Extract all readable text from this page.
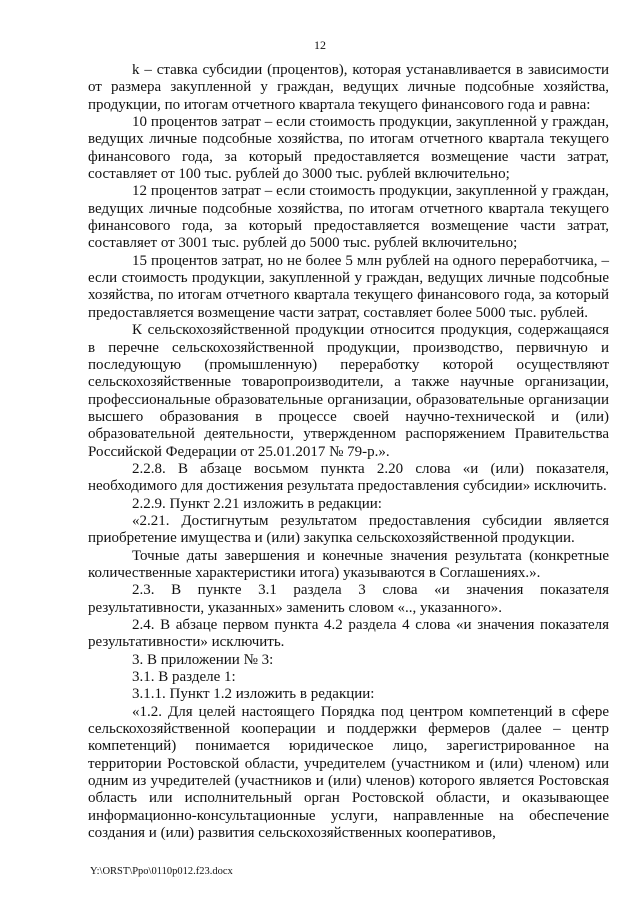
12

k – ставка субсидии (процентов), которая устанавливается в зависимости от размера закупленной у граждан, ведущих личные подсобные хозяйства, продукции, по итогам отчетного квартала текущего финансового года и равна:

10 процентов затрат – если стоимость продукции, закупленной у граждан, ведущих личные подсобные хозяйства, по итогам отчетного квартала текущего финансового года, за который предоставляется возмещение части затрат, составляет от 100 тыс. рублей до 3000 тыс. рублей включительно;

12 процентов затрат – если стоимость продукции, закупленной у граждан, ведущих личные подсобные хозяйства, по итогам отчетного квартала текущего финансового года, за который предоставляется возмещение части затрат, составляет от 3001 тыс. рублей до 5000 тыс. рублей включительно;

15 процентов затрат, но не более 5 млн рублей на одного переработчика, – если стоимость продукции, закупленной у граждан, ведущих личные подсобные хозяйства, по итогам отчетного квартала текущего финансового года, за который предоставляется возмещение части затрат, составляет более 5000 тыс. рублей.

К сельскохозяйственной продукции относится продукция, содержащаяся в перечне сельскохозяйственной продукции, производство, первичную и последующую (промышленную) переработку которой осуществляют сельскохозяйственные товаропроизводители, а также научные организации, профессиональные образовательные организации, образовательные организации высшего образования в процессе своей научно-технической и (или) образовательной деятельности, утвержденном распоряжением Правительства Российской Федерации от 25.01.2017 № 79-р.».

2.2.8. В абзаце восьмом пункта 2.20 слова «и (или) показателя, необходимого для достижения результата предоставления субсидии» исключить.

2.2.9. Пункт 2.21 изложить в редакции:

«2.21. Достигнутым результатом предоставления субсидии является приобретение имущества и (или) закупка сельскохозяйственной продукции.

Точные даты завершения и конечные значения результата (конкретные количественные характеристики итога) указываются в Соглашениях.».

2.3. В пункте 3.1 раздела 3 слова «и значения показателя результативности, указанных» заменить словом «.., указанного».

2.4. В абзаце первом пункта 4.2 раздела 4 слова «и значения показателя результативности» исключить.

3. В приложении № 3:

3.1. В разделе 1:

3.1.1. Пункт 1.2 изложить в редакции:

«1.2. Для целей настоящего Порядка под центром компетенций в сфере сельскохозяйственной кооперации и поддержки фермеров (далее – центр компетенций) понимается юридическое лицо, зарегистрированное на территории Ростовской области, учредителем (участником и (или) членом) или одним из учредителей (участников и (или) членов) которого является Ростовская область или исполнительный орган Ростовской области, и оказывающее информационно-консультационные услуги, направленные на обеспечение создания и (или) развития сельскохозяйственных кооперативов,

Y:\ORST\Ppo\0110p012.f23.docx
